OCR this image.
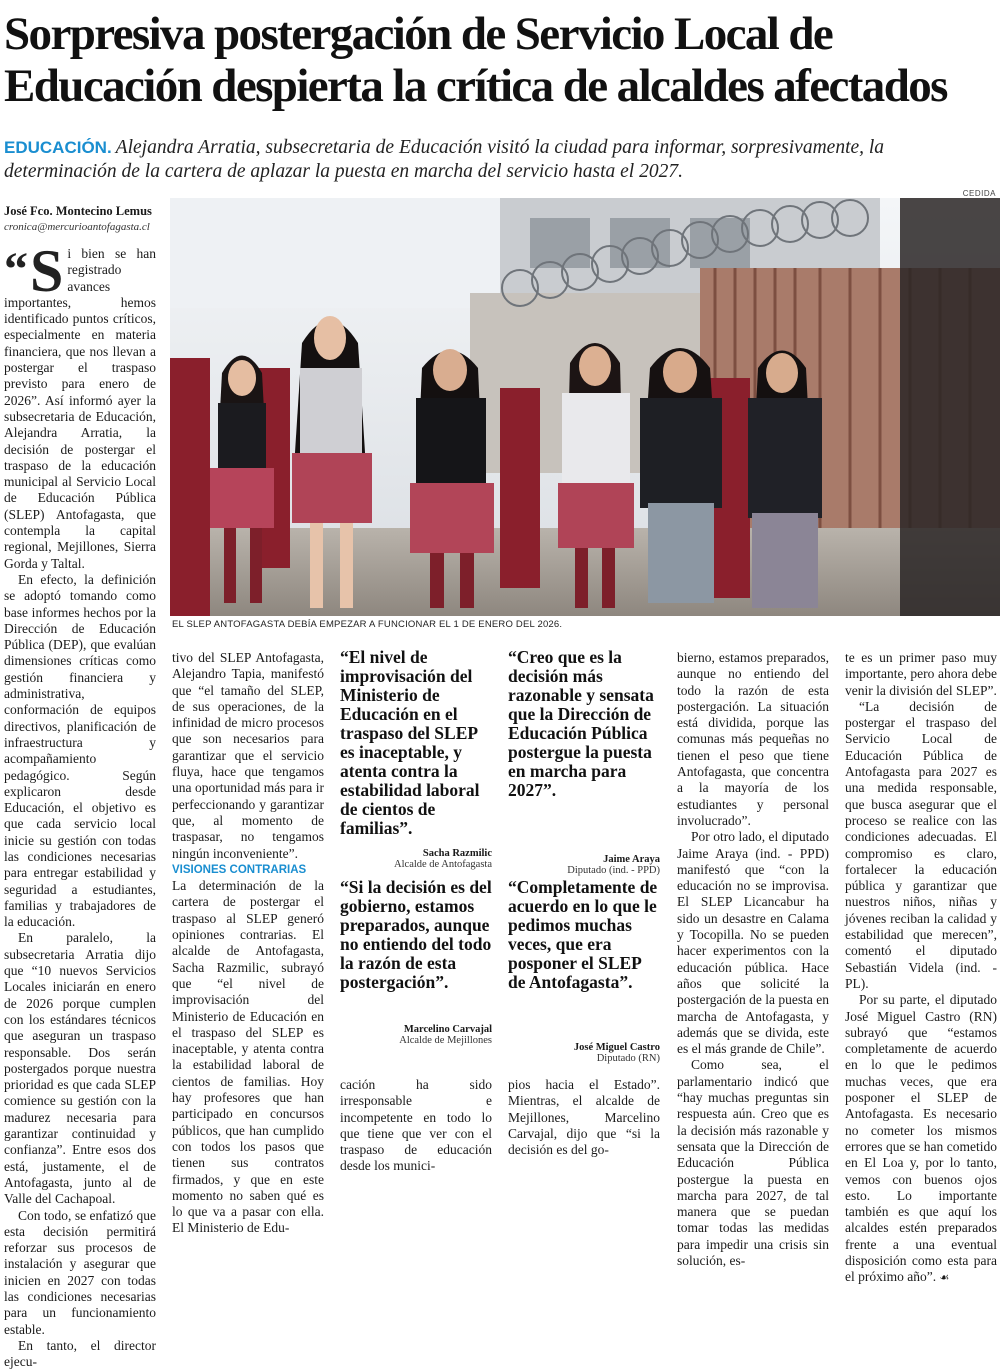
Sorpresiva postergación de Servicio Local de Educación despierta la crítica de alcaldes afectados
EDUCACIÓN. Alejandra Arratia, subsecretaria de Educación visitó la ciudad para informar, sorpresivamente, la determinación de la cartera de aplazar la puesta en marcha del servicio hasta el 2027.
CEDIDA
José Fco. Montecino Lemus
cronica@mercurioantofagasta.cl

“ S i bien se han registrado avances importantes, hemos identificado puntos críticos, especialmente en materia financiera, que nos llevan a postergar el traspaso previsto para enero de 2026”. Así informó ayer la subsecretaria de Educación, Alejandra Arratia, la decisión de postergar el traspaso de la educación municipal al Servicio Local de Educación Pública (SLEP) Antofagasta, que contempla la capital regional, Mejillones, Sierra Gorda y Taltal.

En efecto, la definición se adoptó tomando como base informes hechos por la Dirección de Educación Pública (DEP), que evalúan dimensiones críticas como gestión financiera y administrativa, conformación de equipos directivos, planificación de infraestructura y acompañamiento pedagógico. Según explicaron desde Educación, el objetivo es que cada servicio local inicie su gestión con todas las condiciones necesarias para entregar estabilidad y seguridad a estudiantes, familias y trabajadores de la educación.

En paralelo, la subsecretaria Arratia dijo que “10 nuevos Servicios Locales iniciarán en enero de 2026 porque cumplen con los estándares técnicos que aseguran un traspaso responsable. Dos serán postergados porque nuestra prioridad es que cada SLEP comience su gestión con la madurez necesaria para garantizar continuidad y confianza”. Entre esos dos está, justamente, el de Antofagasta, junto al de Valle del Cachapoal.

Con todo, se enfatizó que esta decisión permitirá reforzar sus procesos de instalación y asegurar que inicien en 2027 con todas las condiciones necesarias para un funcionamiento estable.

En tanto, el director ejecu-

EL SLEP ANTOFAGASTA DEBÍA EMPEZAR A FUNCIONAR EL 1 DE ENERO DEL 2026.

tivo del SLEP Antofagasta, Alejandro Tapia, manifestó que “el tamaño del SLEP, de sus operaciones, de la infinidad de micro procesos que son necesarios para garantizar que el servicio fluya, hace que tengamos una oportunidad más para ir perfeccionando y garantizar que, al momento de traspasar, no tengamos ningún inconveniente”.

VISIONES CONTRARIAS

La determinación de la cartera de postergar el traspaso al SLEP generó opiniones contrarias. El alcalde de Antofagasta, Sacha Razmilic, subrayó que “el nivel de improvisación del Ministerio de Educación en el traspaso del SLEP es inaceptable, y atenta contra la estabilidad laboral de cientos de familias. Hoy hay profesores que han participado en concursos públicos, que han cumplido con todos los pasos que tienen sus contratos firmados, y que en este momento no saben qué es lo que va a pasar con ella. El Ministerio de Edu-

“El nivel de improvisación del Ministerio de Educación en el traspaso del SLEP es inaceptable, y atenta contra la estabilidad laboral de cientos de familias”.
Sacha Razmilic
Alcalde de Antofagasta
“Creo que es la decisión más razonable y sensata que la Dirección de Educación Pública postergue la puesta en marcha para 2027”.
Jaime Araya
Diputado (ind. - PPD)
“Si la decisión es del gobierno, estamos preparados, aunque no entiendo del todo la razón de esta postergación”.
Marcelino Carvajal
Alcalde de Mejillones
“Completamente de acuerdo en lo que le pedimos muchas veces, que era posponer el SLEP de Antofagasta”.
José Miguel Castro
Diputado (RN)

cación ha sido irresponsable e incompetente en todo lo que tiene que ver con el traspaso de educación desde los munici-

pios hacia el Estado”. Mientras, el alcalde de Mejillones, Marcelino Carvajal, dijo que “si la decisión es del go-

bierno, estamos preparados, aunque no entiendo del todo la razón de esta postergación. La situación está dividida, porque las comunas más pequeñas no tienen el peso que tiene Antofagasta, que concentra a la mayoría de los estudiantes y personal involucrado”.

Por otro lado, el diputado Jaime Araya (ind. - PPD) manifestó que “con la educación no se improvisa. El SLEP Licancabur ha sido un desastre en Calama y Tocopilla. No se pueden hacer experimentos con la educación pública. Hace años que solicité la postergación de la puesta en marcha de Antofagasta, y además que se divida, este es el más grande de Chile”.

Como sea, el parlamentario indicó que “hay muchas preguntas sin respuesta aún. Creo que es la decisión más razonable y sensata que la Dirección de Educación Pública postergue la puesta en marcha para 2027, de tal manera que se puedan tomar todas las medidas para impedir una crisis sin solución, es-

te es un primer paso muy importante, pero ahora debe venir la división del SLEP”.

“La decisión de postergar el traspaso del Servicio Local de Educación Pública de Antofagasta para 2027 es una medida responsable, que busca asegurar que el proceso se realice con las condiciones adecuadas. El compromiso es claro, fortalecer la educación pública y garantizar que nuestros niños, niñas y jóvenes reciban la calidad y estabilidad que merecen”, comentó el diputado Sebastián Videla (ind. - PL).

Por su parte, el diputado José Miguel Castro (RN) subrayó que “estamos completamente de acuerdo en lo que le pedimos muchas veces, que era posponer el SLEP de Antofagasta. Es necesario no cometer los mismos errores que se han cometido en El Loa y, por lo tanto, vemos con buenos ojos esto. Lo importante también es que aquí los alcaldes estén preparados frente a una eventual disposición como esta para el próximo año”. ☙
